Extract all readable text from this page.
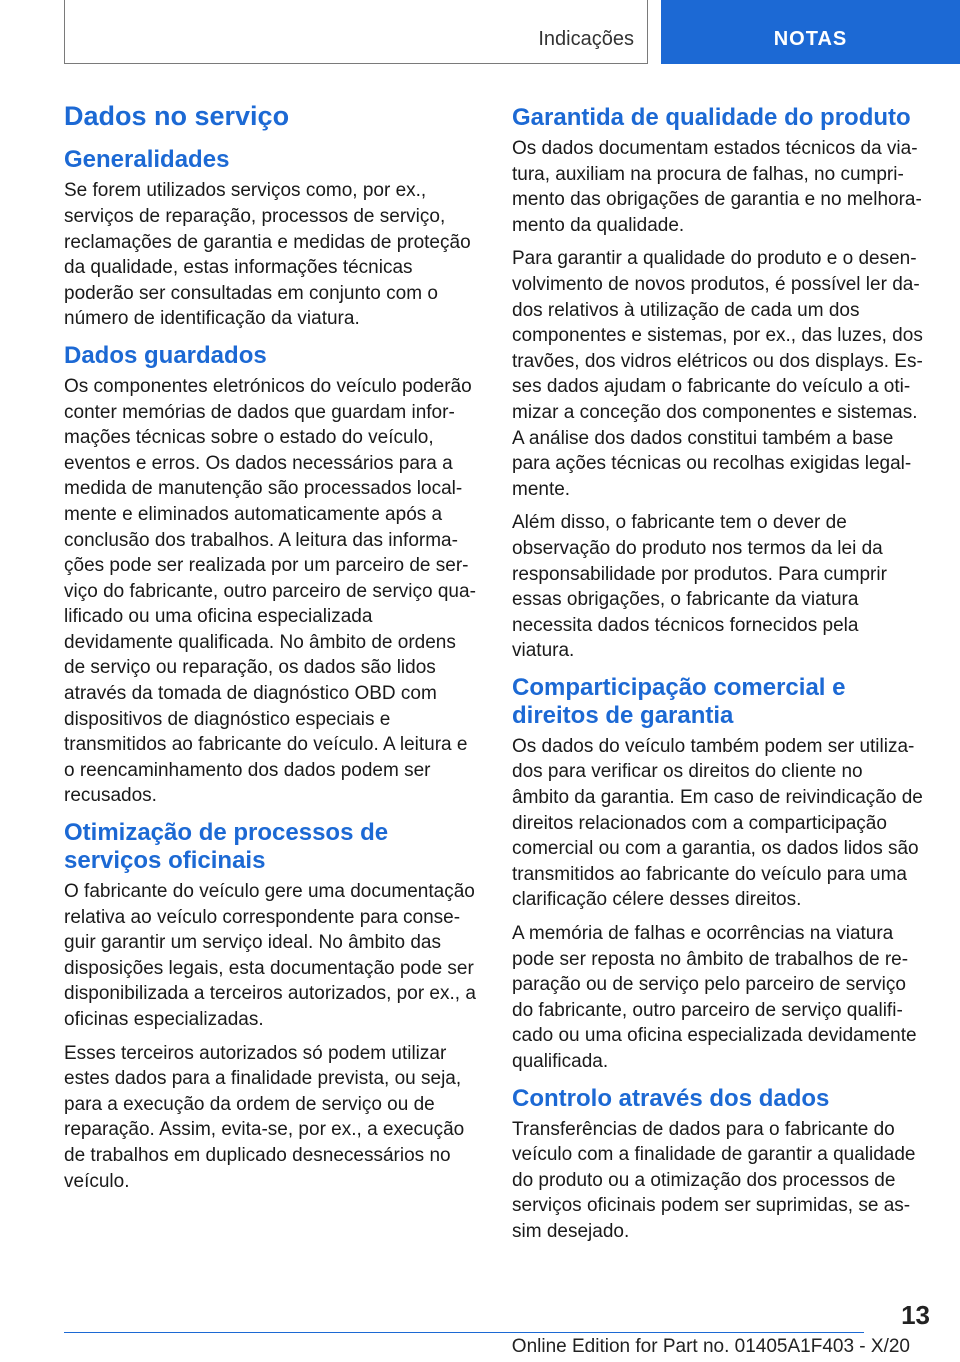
Indicações	NOTAS
Dados no serviço
Generalidades

Se forem utilizados serviços como, por ex., serviços de reparação, processos de serviço, reclamações de garantia e medidas de proteção da qualidade, estas informações técnicas poderão ser consultadas em conjunto com o número de identificação da viatura.

Dados guardados

Os componentes eletrónicos do veículo poderão conter memórias de dados que guardam informações técnicas sobre o estado do veículo, eventos e erros. Os dados necessários para a medida de manutenção são processados localmente e eliminados automaticamente após a conclusão dos trabalhos. A leitura das informações pode ser realizada por um parceiro de serviço do fabricante, outro parceiro de serviço qualificado ou uma oficina especializada devidamente qualificada. No âmbito de ordens de serviço ou reparação, os dados são lidos através da tomada de diagnóstico OBD com dispositivos de diagnóstico especiais e transmitidos ao fabricante do veículo. A leitura e o reencaminhamento dos dados podem ser recusados.

Otimização de processos de serviços oficinais

O fabricante do veículo gere uma documentação relativa ao veículo correspondente para conseguir garantir um serviço ideal. No âmbito das disposições legais, esta documentação pode ser disponibilizada a terceiros autorizados, por ex., a oficinas especializadas.

Esses terceiros autorizados só podem utilizar estes dados para a finalidade prevista, ou seja, para a execução da ordem de serviço ou de reparação. Assim, evita-se, por ex., a execução de trabalhos em duplicado desnecessários no veículo.

Garantida de qualidade do produto

Os dados documentam estados técnicos da viatura, auxiliam na procura de falhas, no cumprimento das obrigações de garantia e no melhoramento da qualidade.

Para garantir a qualidade do produto e o desenvolvimento de novos produtos, é possível ler dados relativos à utilização de cada um dos componentes e sistemas, por ex., das luzes, dos travões, dos vidros elétricos ou dos displays. Esses dados ajudam o fabricante do veículo a otimizar a conceção dos componentes e sistemas. A análise dos dados constitui também a base para ações técnicas ou recolhas exigidas legalmente.

Além disso, o fabricante tem o dever de observação do produto nos termos da lei da responsabilidade por produtos. Para cumprir essas obrigações, o fabricante da viatura necessita dados técnicos fornecidos pela viatura.

Comparticipação comercial e direitos de garantia

Os dados do veículo também podem ser utilizados para verificar os direitos do cliente no âmbito da garantia. Em caso de reivindicação de direitos relacionados com a comparticipação comercial ou com a garantia, os dados lidos são transmitidos ao fabricante do veículo para uma clarificação célere desses direitos.

A memória de falhas e ocorrências na viatura pode ser reposta no âmbito de trabalhos de reparação ou de serviço pelo parceiro de serviço do fabricante, outro parceiro de serviço qualificado ou uma oficina especializada devidamente qualificada.

Controlo através dos dados

Transferências de dados para o fabricante do veículo com a finalidade de garantir a qualidade do produto ou a otimização dos processos de serviços oficinais podem ser suprimidas, se assim desejado.

13
Online Edition for Part no. 01405A1F403 - X/20
